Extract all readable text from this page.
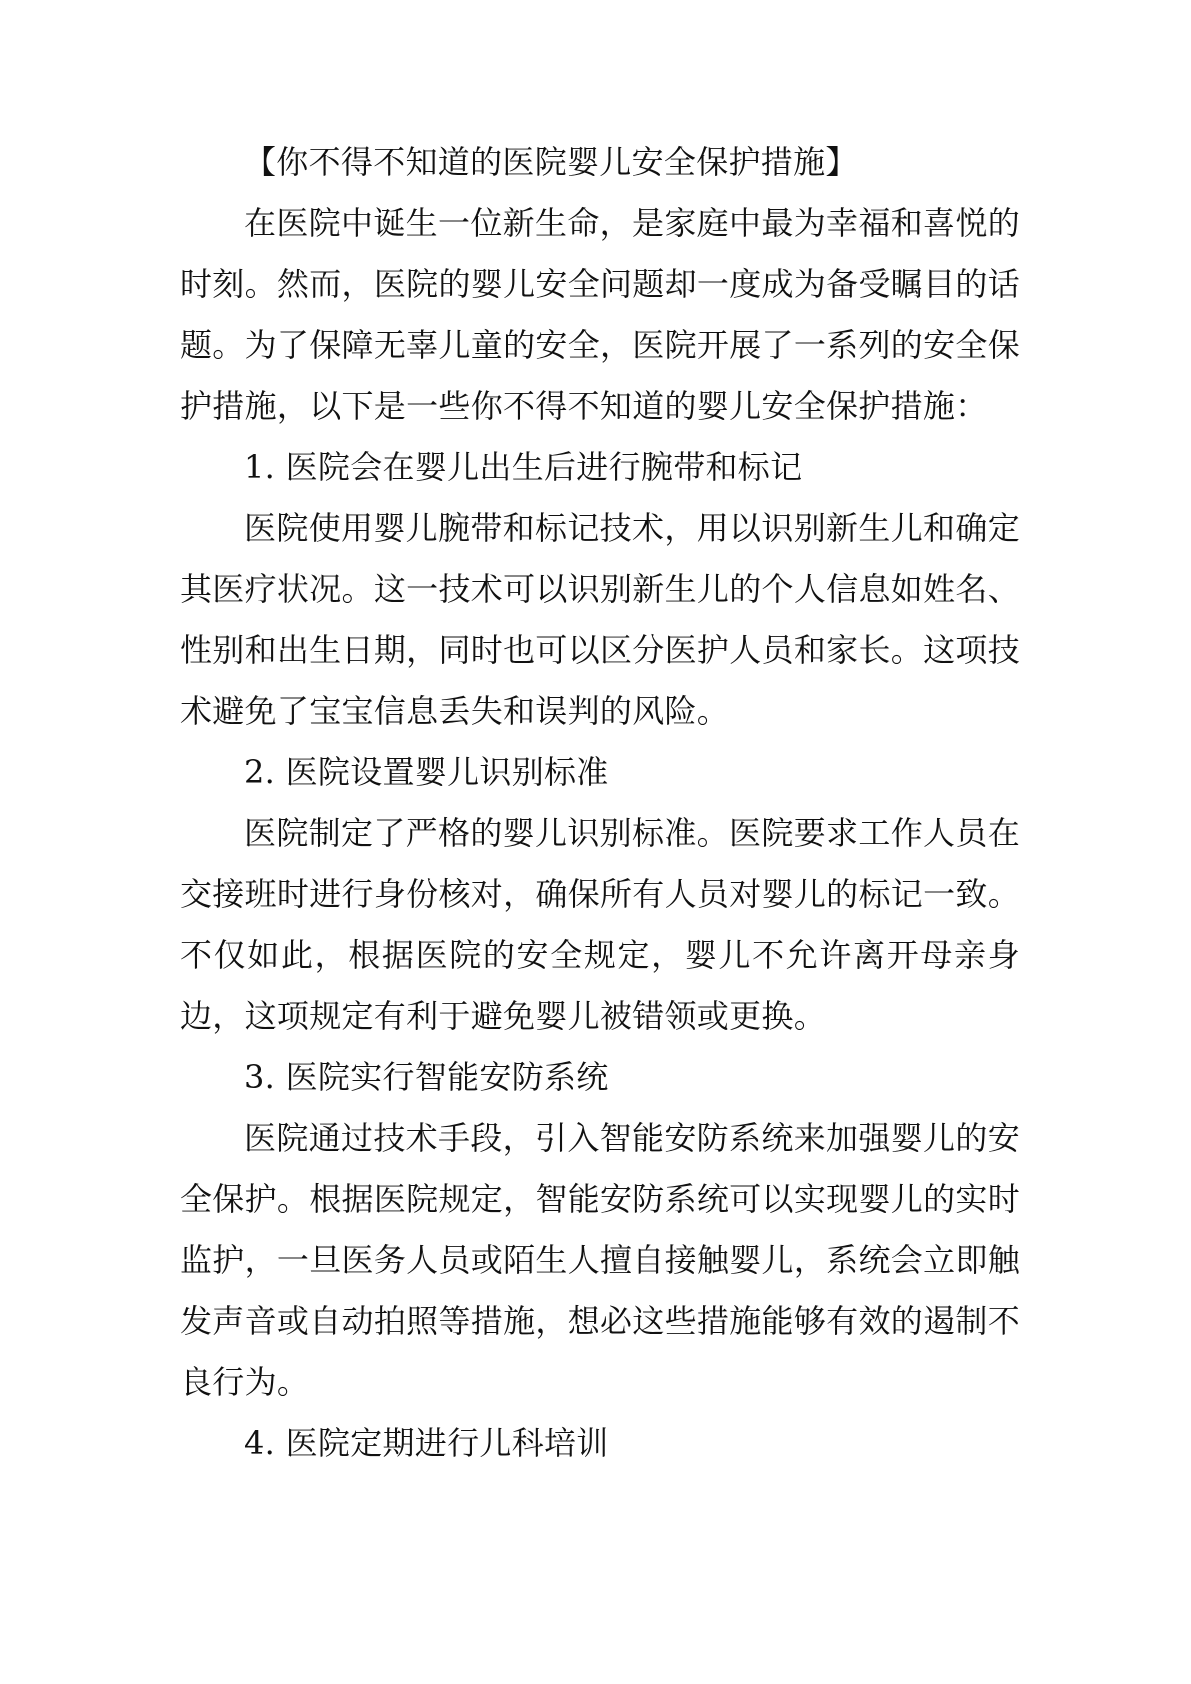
【你不得不知道的医院婴儿安全保护措施】

在医院中诞生一位新生命，是家庭中最为幸福和喜悦的时刻。然而，医院的婴儿安全问题却一度成为备受瞩目的话题。为了保障无辜儿童的安全，医院开展了一系列的安全保护措施，以下是一些你不得不知道的婴儿安全保护措施：

1. 医院会在婴儿出生后进行腕带和标记

医院使用婴儿腕带和标记技术，用以识别新生儿和确定其医疗状况。这一技术可以识别新生儿的个人信息如姓名、性别和出生日期，同时也可以区分医护人员和家长。这项技术避免了宝宝信息丢失和误判的风险。

2. 医院设置婴儿识别标准

医院制定了严格的婴儿识别标准。医院要求工作人员在交接班时进行身份核对，确保所有人员对婴儿的标记一致。不仅如此，根据医院的安全规定，婴儿不允许离开母亲身边，这项规定有利于避免婴儿被错领或更换。

3. 医院实行智能安防系统

医院通过技术手段，引入智能安防系统来加强婴儿的安全保护。根据医院规定，智能安防系统可以实现婴儿的实时监护，一旦医务人员或陌生人擅自接触婴儿，系统会立即触发声音或自动拍照等措施，想必这些措施能够有效的遏制不良行为。

4. 医院定期进行儿科培训
